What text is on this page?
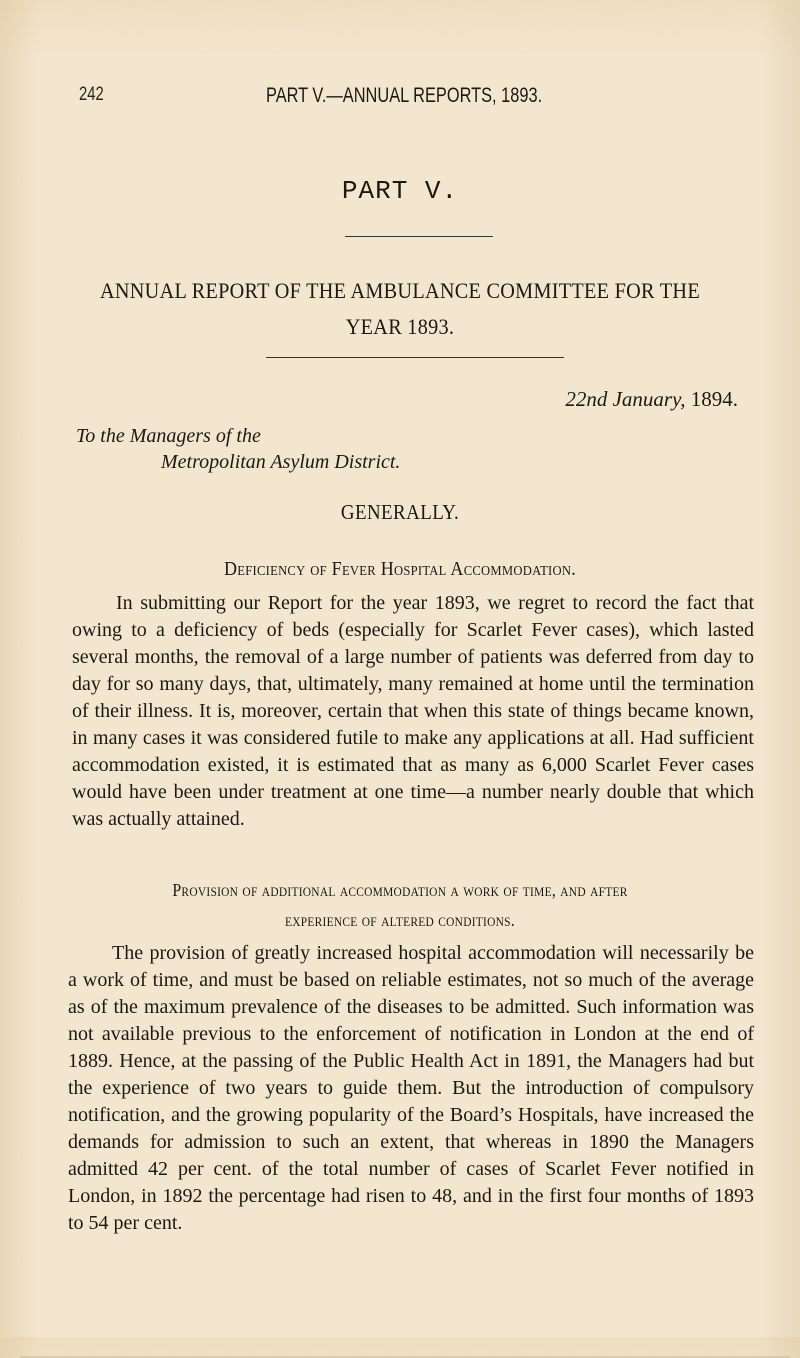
242	PART V.—ANNUAL REPORTS, 1893.
PART V.
ANNUAL REPORT OF THE AMBULANCE COMMITTEE FOR THE
YEAR 1893.
22nd January, 1894.
To the Managers of the
Metropolitan Asylum District.
GENERALLY.
Deficiency of Fever Hospital Accommodation.

In submitting our Report for the year 1893, we regret to record the fact that owing to a deficiency of beds (especially for Scarlet Fever cases), which lasted several months, the removal of a large number of patients was deferred from day to day for so many days, that, ultimately, many remained at home until the termination of their illness. It is, moreover, certain that when this state of things became known, in many cases it was considered futile to make any applications at all. Had sufficient accommodation existed, it is estimated that as many as 6,000 Scarlet Fever cases would have been under treatment at one time—a number nearly double that which was actually attained.

Provision of additional accommodation a work of time, and after
experience of altered conditions.

The provision of greatly increased hospital accommodation will necessarily be a work of time, and must be based on reliable estimates, not so much of the average as of the maximum prevalence of the diseases to be admitted. Such information was not available previous to the enforcement of notification in London at the end of 1889. Hence, at the passing of the Public Health Act in 1891, the Managers had but the experience of two years to guide them. But the introduction of compulsory notification, and the growing popularity of the Board’s Hospitals, have increased the demands for admission to such an extent, that whereas in 1890 the Managers admitted 42 per cent. of the total number of cases of Scarlet Fever notified in London, in 1892 the percentage had risen to 48, and in the first four months of 1893 to 54 per cent.
